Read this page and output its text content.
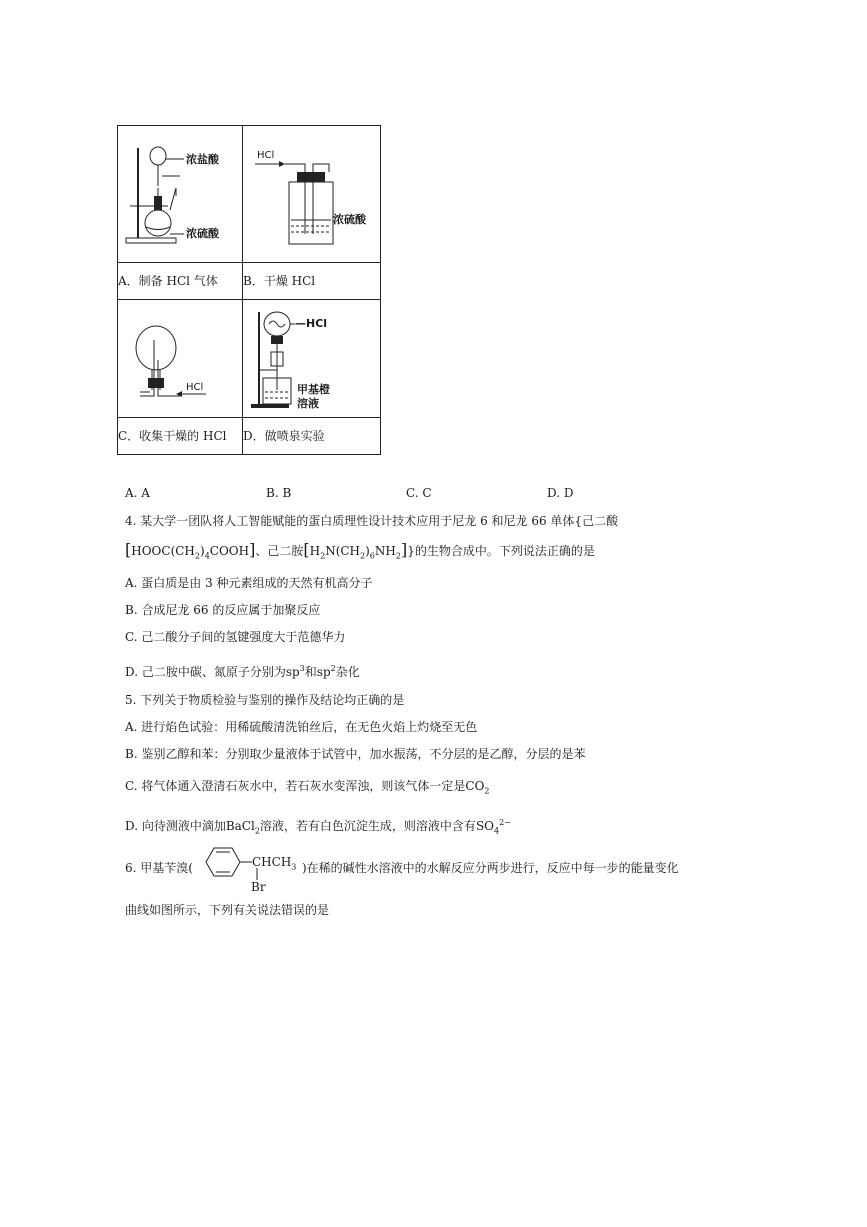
浓盐酸
浓硫酸	HCl
浓硫酸

A．制备 HCl 气体	B．干燥 HCl

HCl	—HCl
甲基橙
溶液

C．收集干燥的 HCl	D．做喷泉实验
A. A	B. B	C. C	D. D
4. 某大学一团队将人工智能赋能的蛋白质理性设计技术应用于尼龙 6 和尼龙 66 单体{己二酸
$[HOOC(CH_2)_4COOH]$、己二胺$[H_2N(CH_2)_6NH_2]$}的生物合成中。下列说法正确的是
A. 蛋白质是由 3 种元素组成的天然有机高分子
B. 合成尼龙 66 的反应属于加聚反应
C. 己二酸分子间的氢键强度大于范德华力
D. 己二胺中碳、氮原子分别为$sp^3$和$sp^2$杂化
5. 下列关于物质检验与鉴别的操作及结论均正确的是
A. 进行焰色试验：用稀硫酸清洗铂丝后，在无色火焰上灼烧至无色
B. 鉴别乙醇和苯：分别取少量液体于试管中，加水振荡，不分层的是乙醇，分层的是苯
C. 将气体通入澄清石灰水中，若石灰水变浑浊，则该气体一定是$CO_2$
D. 向待测液中滴加BaCl$_2$溶液，若有白色沉淀生成，则溶液中含有$SO_4^{2-}$
6. 甲基苄溴(	$CHCH_3$
Br
)在稀的碱性水溶液中的水解反应分两步进行，反应中每一步的能量变化
曲线如图所示，下列有关说法错误的是
